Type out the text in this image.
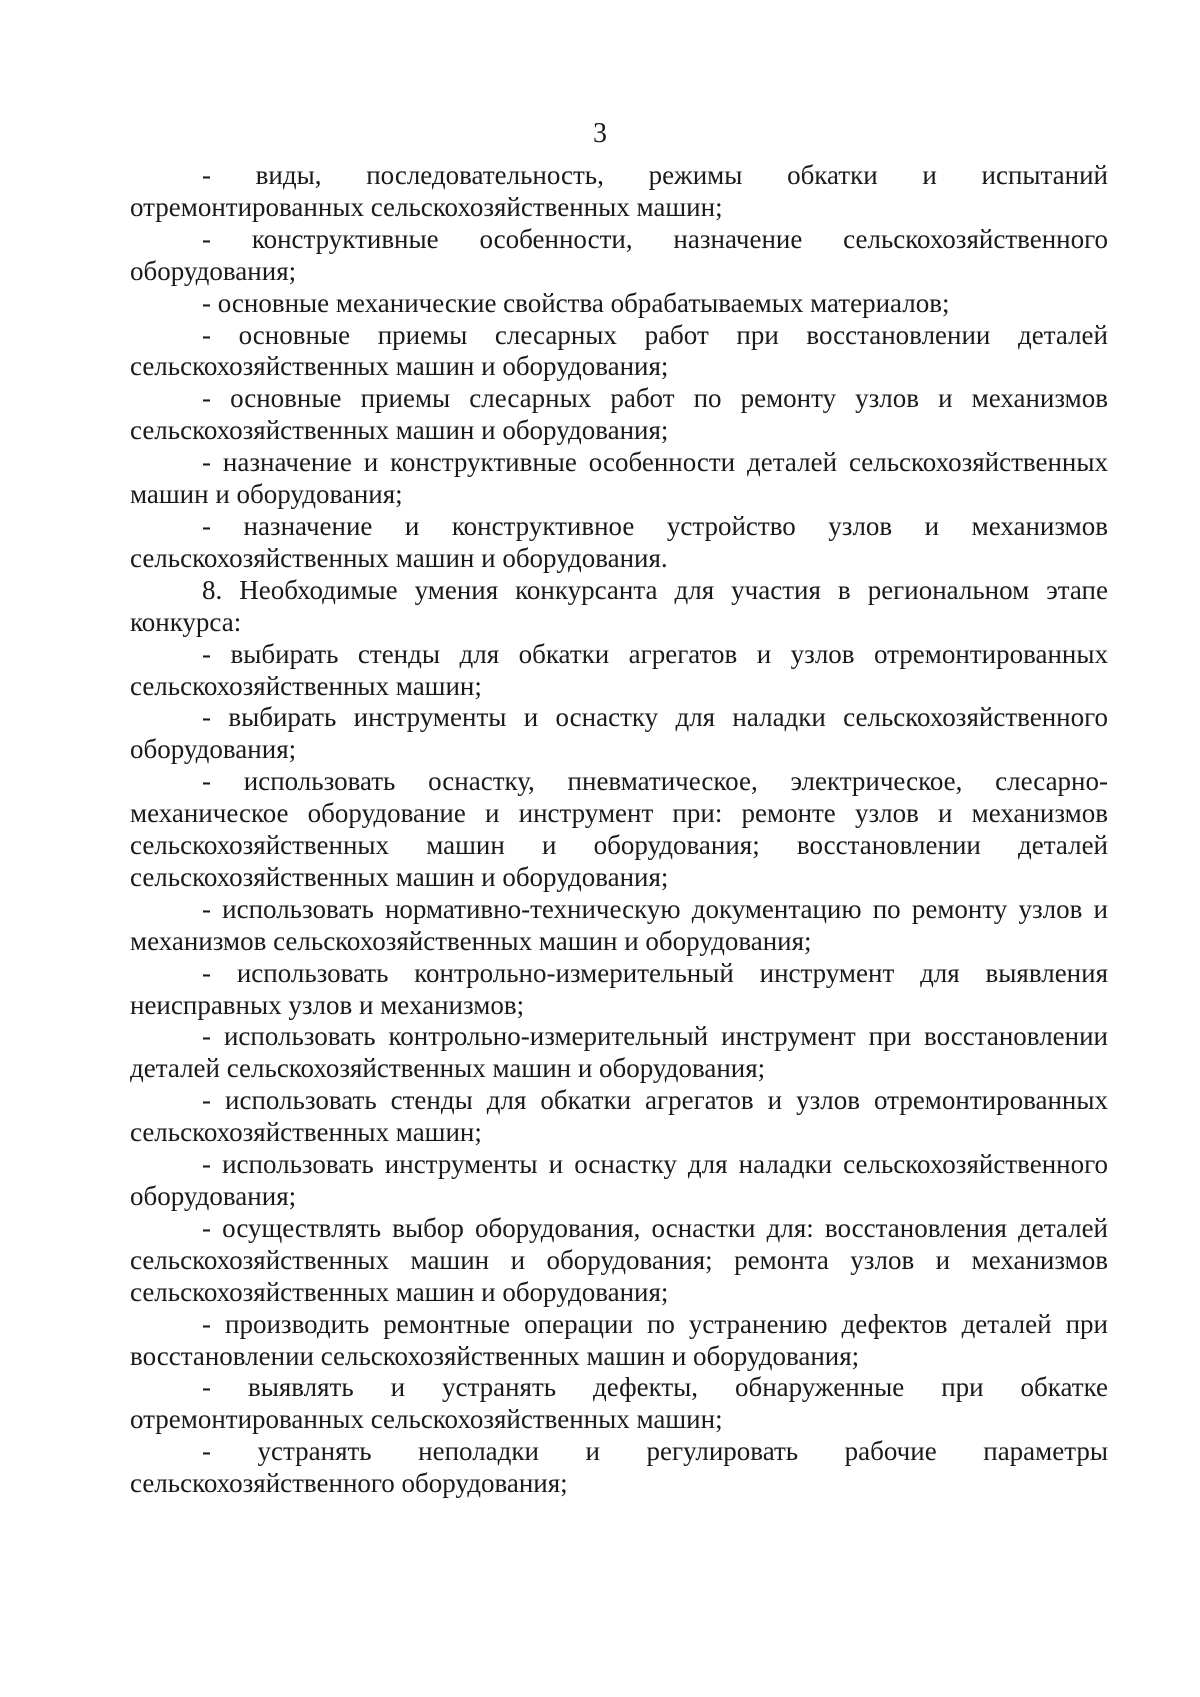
3

- виды, последовательность, режимы обкатки и испытаний отремонтированных сельскохозяйственных машин;

- конструктивные особенности, назначение сельскохозяйственного оборудования;

- основные механические свойства обрабатываемых материалов;

- основные приемы слесарных работ при восстановлении деталей сельскохозяйственных машин и оборудования;

- основные приемы слесарных работ по ремонту узлов и механизмов сельскохозяйственных машин и оборудования;

- назначение и конструктивные особенности деталей сельскохозяйственных машин и оборудования;

- назначение и конструктивное устройство узлов и механизмов сельскохозяйственных машин и оборудования.

8. Необходимые умения конкурсанта для участия в региональном этапе конкурса:

- выбирать стенды для обкатки агрегатов и узлов отремонтированных сельскохозяйственных машин;

- выбирать инструменты и оснастку для наладки сельскохозяйственного оборудования;

- использовать оснастку, пневматическое, электрическое, слесарно-механическое оборудование и инструмент при: ремонте узлов и механизмов сельскохозяйственных машин и оборудования; восстановлении деталей сельскохозяйственных машин и оборудования;

- использовать нормативно-техническую документацию по ремонту узлов и механизмов сельскохозяйственных машин и оборудования;

- использовать контрольно-измерительный инструмент для выявления неисправных узлов и механизмов;

- использовать контрольно-измерительный инструмент при восстановлении деталей сельскохозяйственных машин и оборудования;

- использовать стенды для обкатки агрегатов и узлов отремонтированных сельскохозяйственных машин;

- использовать инструменты и оснастку для наладки сельскохозяйственного оборудования;

- осуществлять выбор оборудования, оснастки для: восстановления деталей сельскохозяйственных машин и оборудования; ремонта узлов и механизмов сельскохозяйственных машин и оборудования;

- производить ремонтные операции по устранению дефектов деталей при восстановлении сельскохозяйственных машин и оборудования;

- выявлять и устранять дефекты, обнаруженные при обкатке отремонтированных сельскохозяйственных машин;

- устранять неполадки и регулировать рабочие параметры сельскохозяйственного оборудования;
